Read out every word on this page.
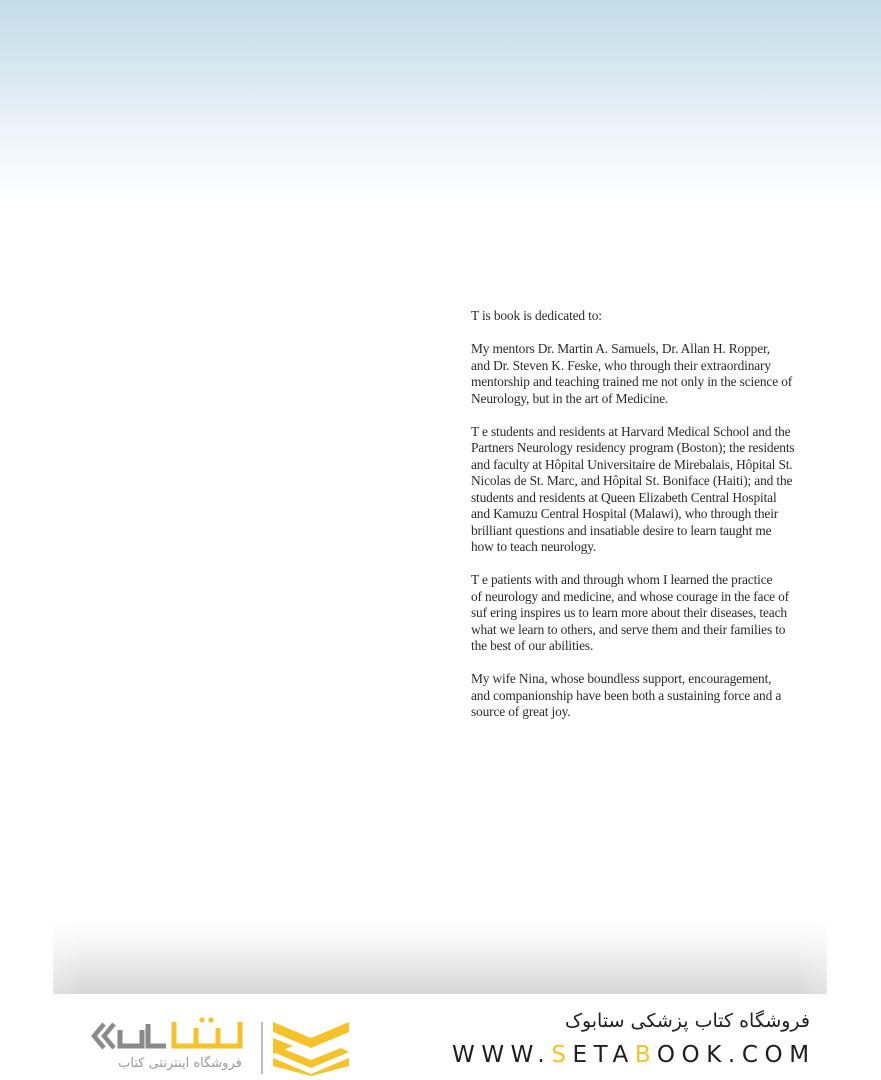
T is book is dedicated to:

My mentors Dr. Martin A. Samuels, Dr. Allan H. Ropper,
and Dr. Steven K. Feske, who through their extraordinary
mentorship and teaching trained me not only in the science of
Neurology, but in the art of Medicine.

T e students and residents at Harvard Medical School and the
Partners Neurology residency program (Boston); the residents
and faculty at Hôpital Universitaire de Mirebalais, Hôpital St.
Nicolas de St. Marc, and Hôpital St. Boniface (Haiti); and the
students and residents at Queen Elizabeth Central Hospital
and Kamuzu Central Hospital (Malawi), who through their
brilliant questions and insatiable desire to learn taught me
how to teach neurology.

T e patients with and through whom I learned the practice
of neurology and medicine, and whose courage in the face of
suf ering inspires us to learn more about their diseases, teach
what we learn to others, and serve them and their families to
the best of our abilities.

My wife Nina, whose boundless support, encouragement,
and companionship have been both a sustaining force and a
source of great joy.

فروشگاه اینترنتی کتاب
فروشگاه کتاب پزشکی ستابوک
WWW.SETABOOK.COM
